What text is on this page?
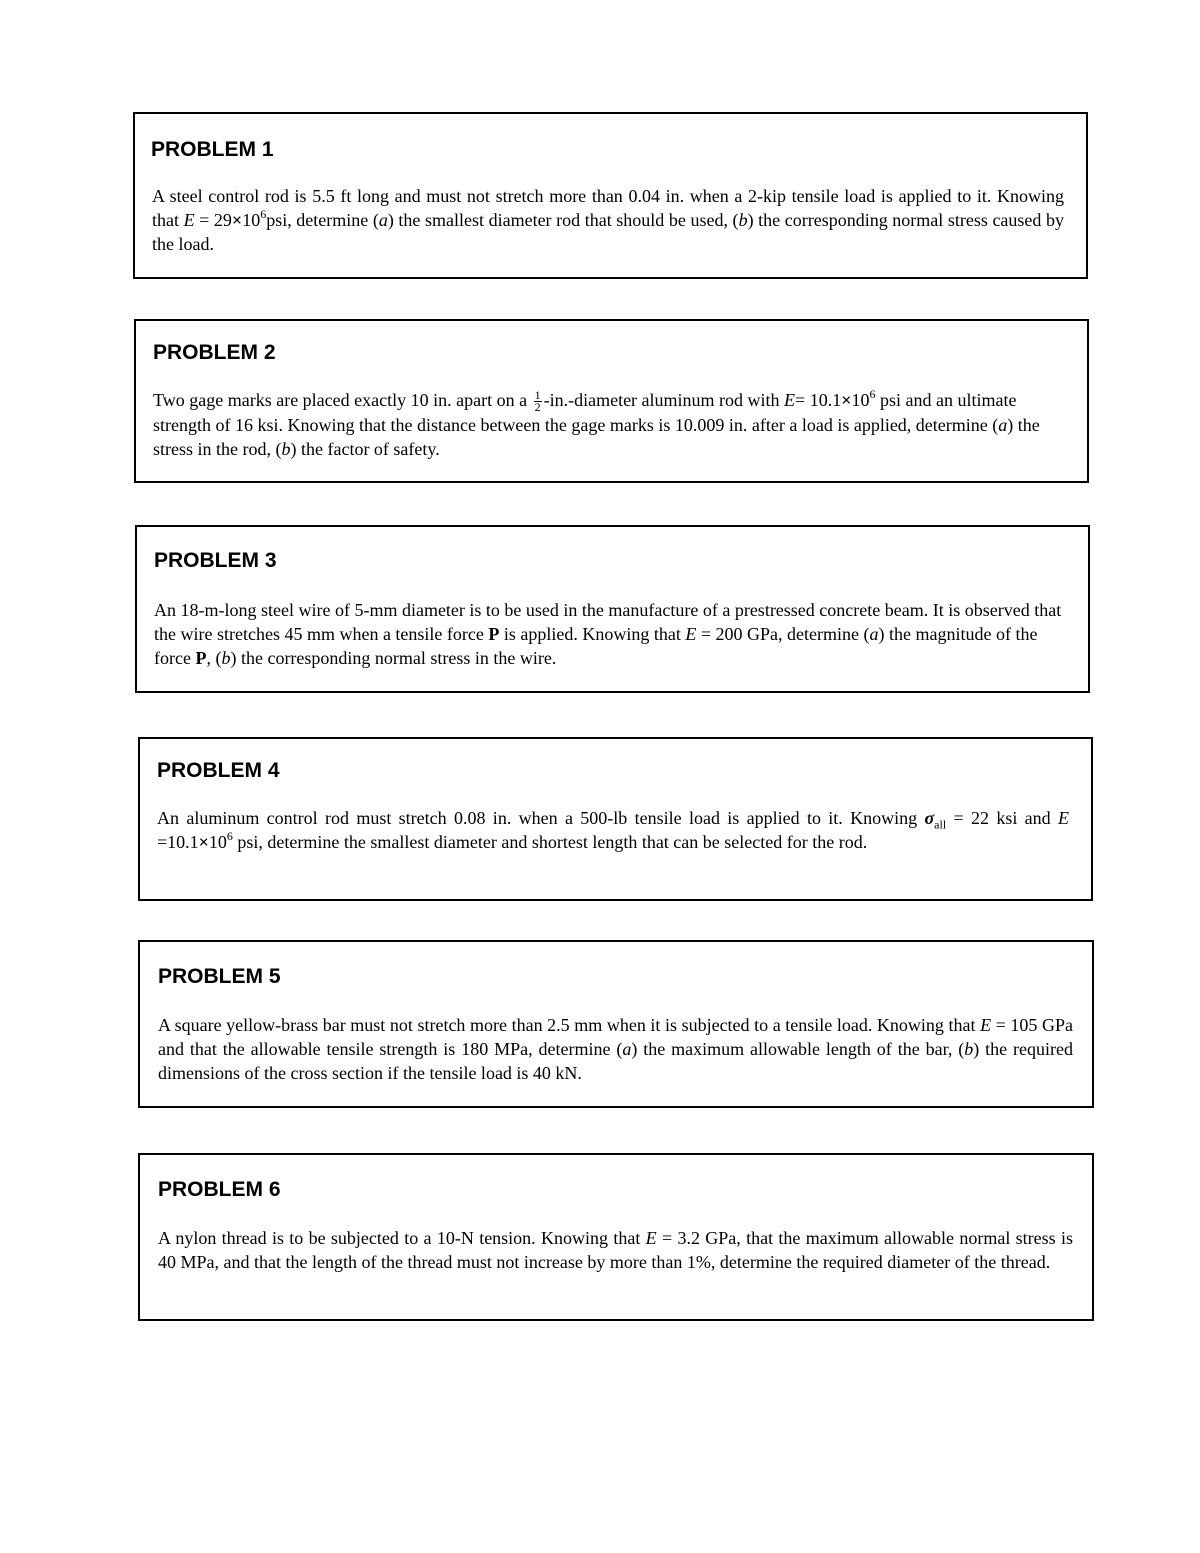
PROBLEM 1
A steel control rod is 5.5 ft long and must not stretch more than 0.04 in. when a 2-kip tensile load is applied to it. Knowing that $E = 29\times 10^6psi$, determine (a) the smallest diameter rod that should be used, (b) the corresponding normal stress caused by the load.
PROBLEM 2
Two gage marks are placed exactly 10 in. apart on a $\frac{1}{2}$ -in.-diameter aluminum rod with $E= 10.1\times 10^6$ psi and an ultimate strength of 16 ksi. Knowing that the distance between the gage marks is 10.009 in. after a load is applied, determine (a) the stress in the rod, (b) the factor of safety.
PROBLEM 3
An 18-m-long steel wire of 5-mm diameter is to be used in the manufacture of a prestressed concrete beam. It is observed that the wire stretches 45 mm when a tensile force P is applied. Knowing that E = 200 GPa, determine (a) the magnitude of the force P, (b) the corresponding normal stress in the wire.
PROBLEM 4
An aluminum control rod must stretch 0.08 in. when a 500-lb tensile load is applied to it. Knowing $\sigma_{all} = 22$ ksi and $E =10.1\times 10^6$ psi, determine the smallest diameter and shortest length that can be selected for the rod.
PROBLEM 5
A square yellow-brass bar must not stretch more than 2.5 mm when it is subjected to a tensile load. Knowing that E = 105 GPa and that the allowable tensile strength is 180 MPa, determine (a) the maximum allowable length of the bar, (b) the required dimensions of the cross section if the tensile load is 40 kN.
PROBLEM 6
A nylon thread is to be subjected to a 10-N tension. Knowing that E = 3.2 GPa, that the maximum allowable normal stress is 40 MPa, and that the length of the thread must not increase by more than 1%, determine the required diameter of the thread.
